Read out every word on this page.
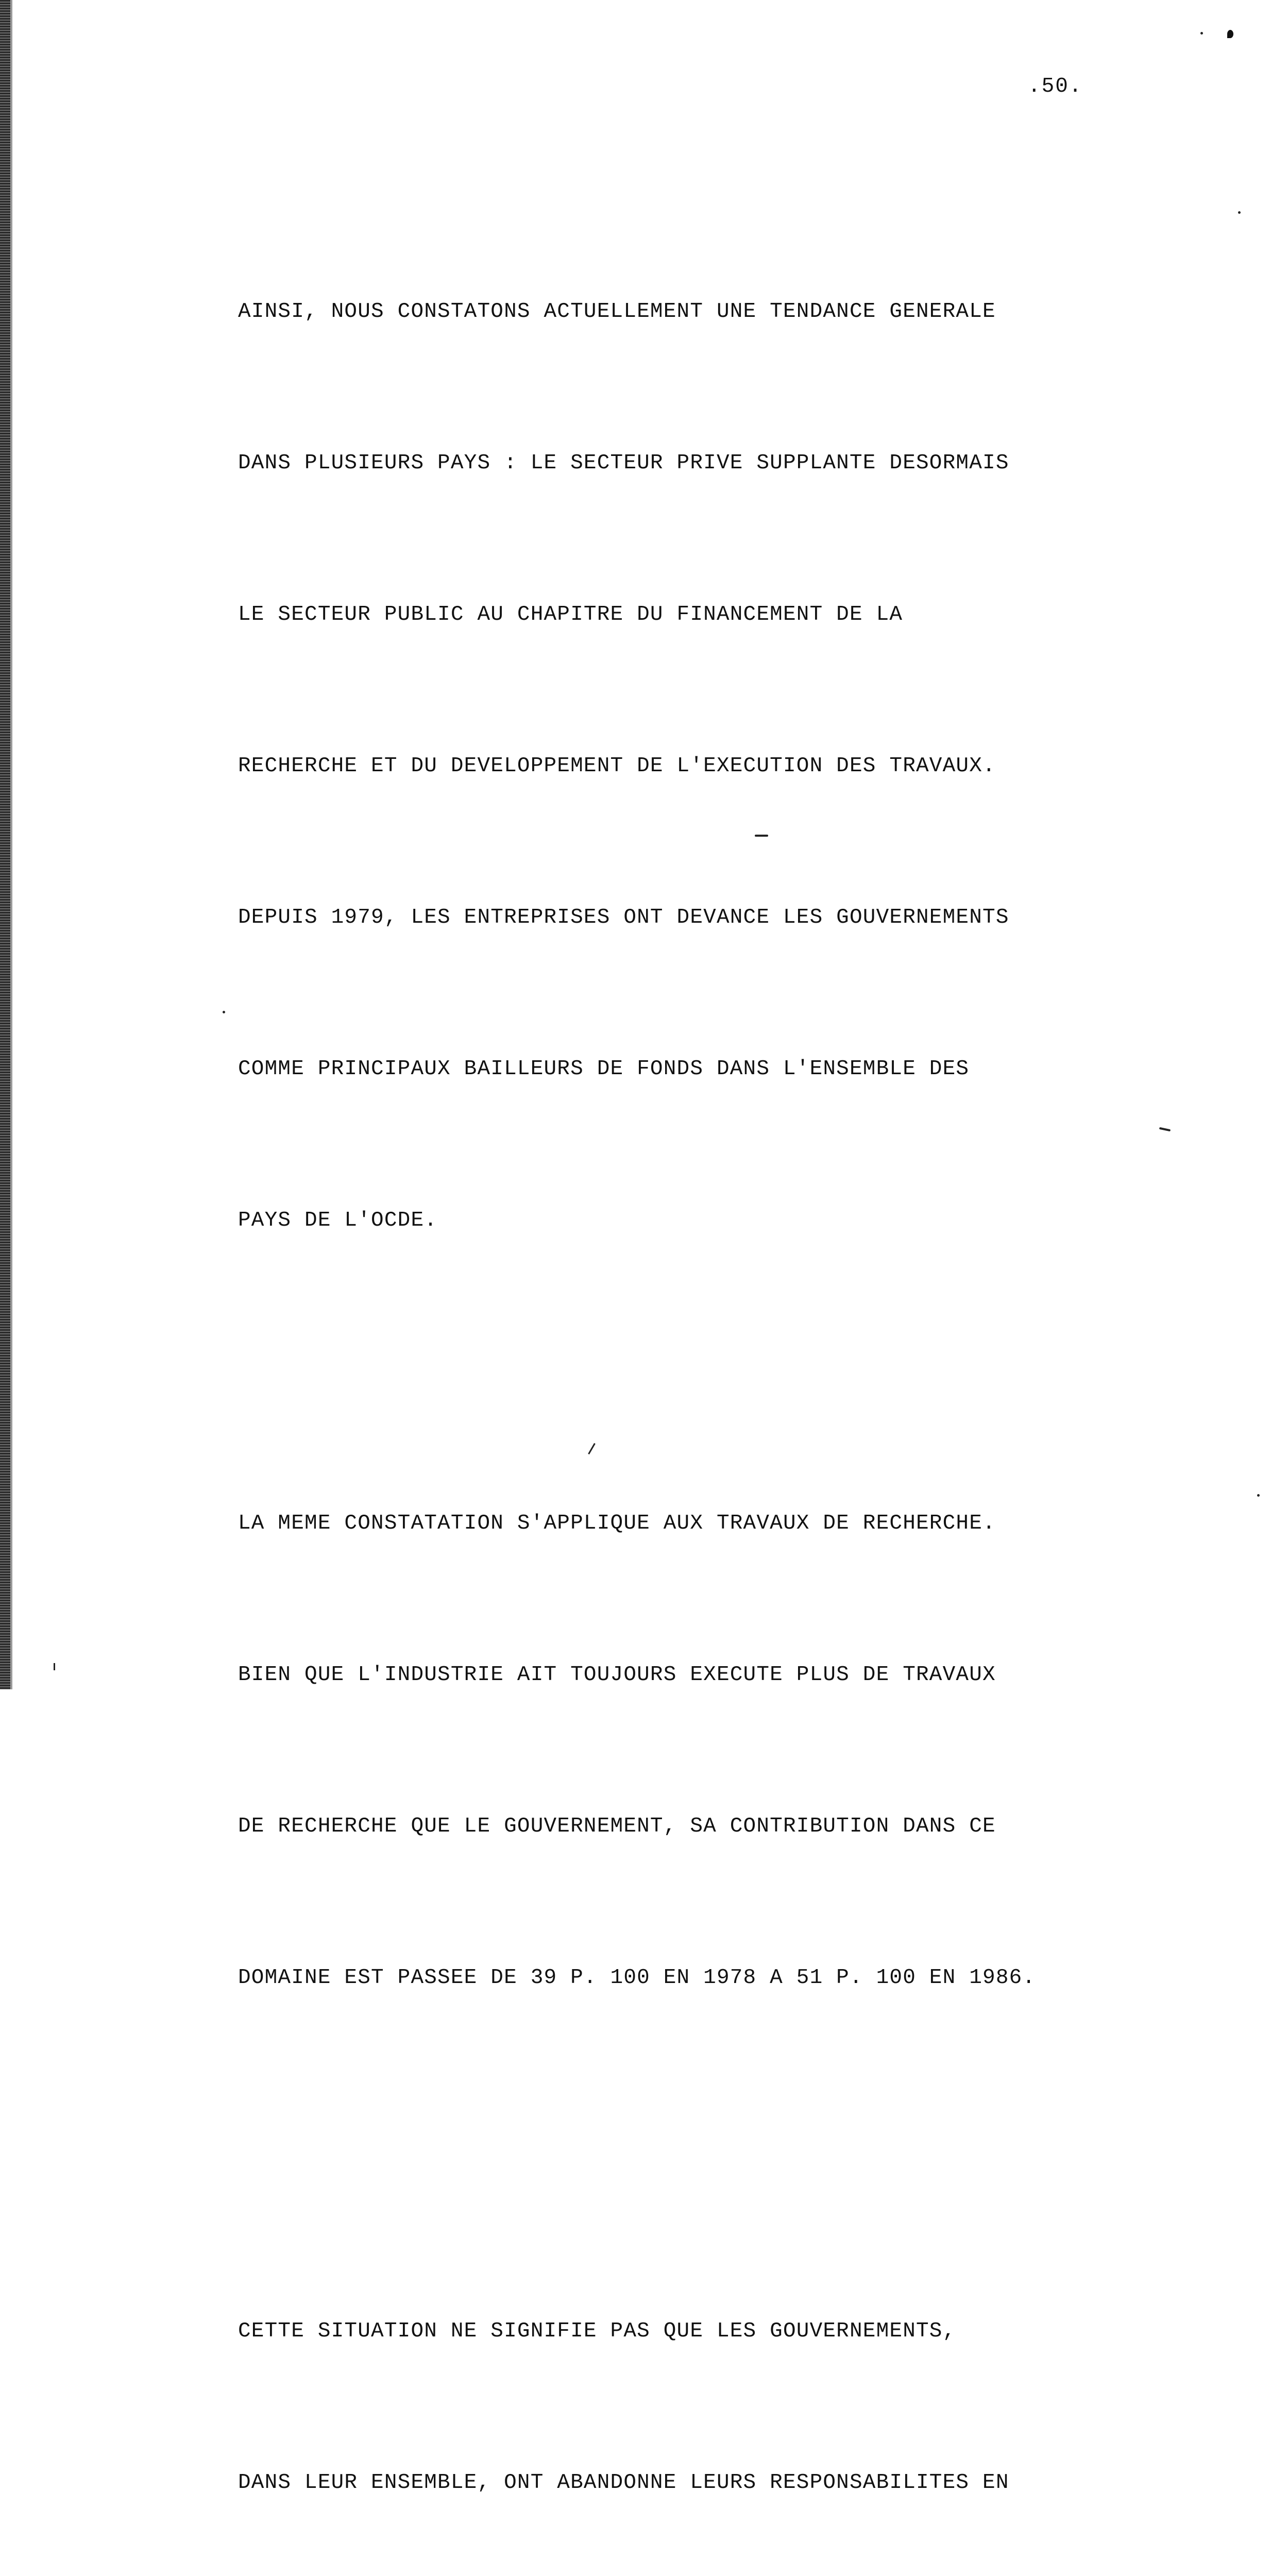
.50.

AINSI, NOUS CONSTATONS ACTUELLEMENT UNE TENDANCE GENERALE

DANS PLUSIEURS PAYS : LE SECTEUR PRIVE SUPPLANTE DESORMAIS

LE SECTEUR PUBLIC AU CHAPITRE DU FINANCEMENT DE LA

RECHERCHE ET DU DEVELOPPEMENT DE L'EXECUTION DES TRAVAUX.

DEPUIS 1979, LES ENTREPRISES ONT DEVANCE LES GOUVERNEMENTS

COMME PRINCIPAUX BAILLEURS DE FONDS DANS L'ENSEMBLE DES

PAYS DE L'OCDE.

LA MEME CONSTATATION S'APPLIQUE AUX TRAVAUX DE RECHERCHE.

BIEN QUE L'INDUSTRIE AIT TOUJOURS EXECUTE PLUS DE TRAVAUX

DE RECHERCHE QUE LE GOUVERNEMENT, SA CONTRIBUTION DANS CE

DOMAINE EST PASSEE DE 39 P. 100 EN 1978 A 51 P. 100 EN 1986.

CETTE SITUATION NE SIGNIFIE PAS QUE LES GOUVERNEMENTS,

DANS LEUR ENSEMBLE, ONT ABANDONNE LEURS RESPONSABILITES EN
